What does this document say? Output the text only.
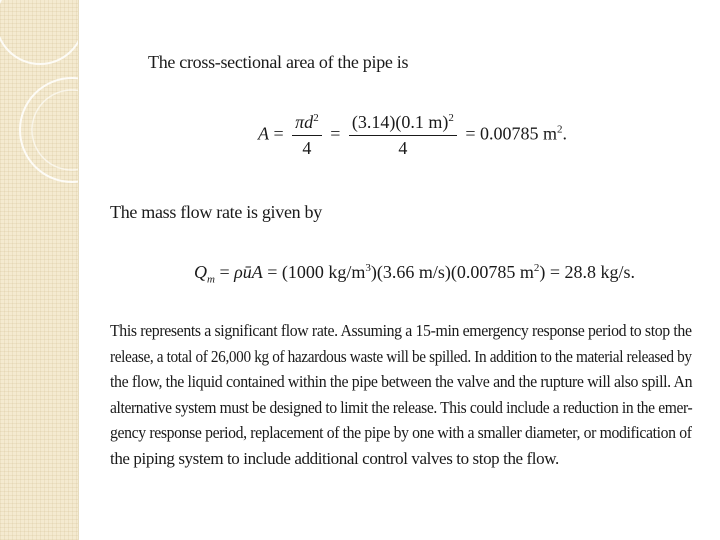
The cross-sectional area of the pipe is
$A = \frac{\pi d^2}{4} = \frac{(3.14)(0.1 m)^2}{4} = 0.00785$ $m^2$.
The mass flow rate is given by
$Q_m$ = ρūA = (1000 $kg/m^3)(3.66$ m/s)(0.00785 $m^2) = 28.8$ kg/s.
This represents a significant flow rate. Assuming a 15-min emergency response period to stop the
release, a total of 26,000 kg of hazardous waste will be spilled. In addition to the material released by
the flow, the liquid contained within the pipe between the valve and the rupture will also spill. An
alternative system must be designed to limit the release. This could include a reduction in the emer-
gency response period, replacement of the pipe by one with a smaller diameter, or modification of
the piping system to include additional control valves to stop the flow.
